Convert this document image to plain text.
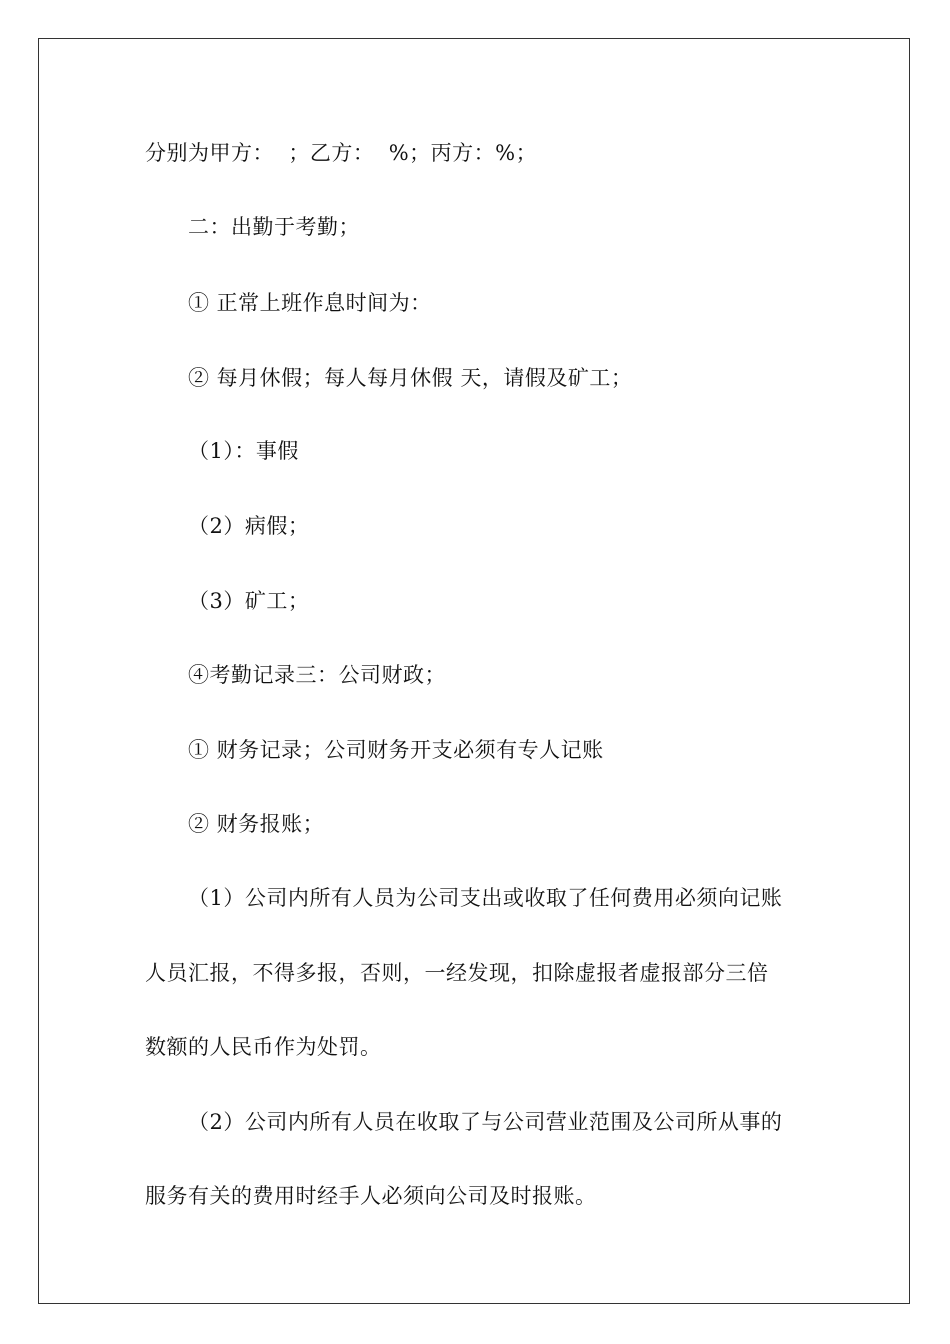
分别为甲方：  ；乙方：  %；丙方：%；
二：出勤于考勤；
① 正常上班作息时间为：
② 每月休假；每人每月休假 天，请假及矿工；
（1）：事假
（2）病假；
（3）矿工；
④考勤记录三：公司财政；
① 财务记录；公司财务开支必须有专人记账
② 财务报账；
（1）公司内所有人员为公司支出或收取了任何费用必须向记账
人员汇报，不得多报，否则，一经发现，扣除虚报者虚报部分三倍
数额的人民币作为处罚。
（2）公司内所有人员在收取了与公司营业范围及公司所从事的
服务有关的费用时经手人必须向公司及时报账。
